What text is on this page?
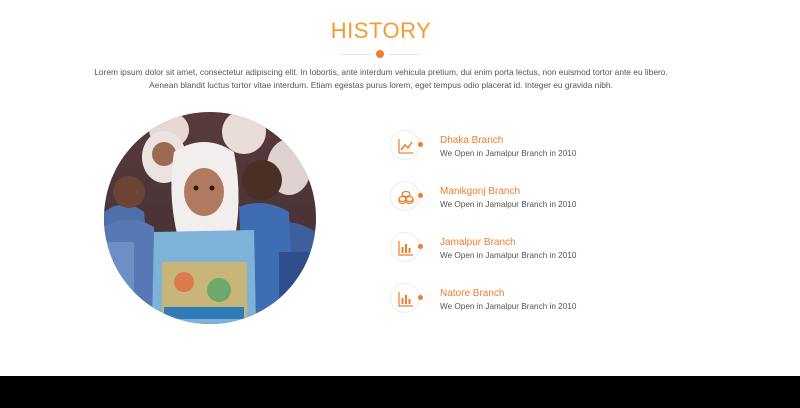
HISTORY

Lorem ipsum dolor sit amet, consectetur adipiscing elit. In lobortis, ante interdum vehicula pretium, dui enim porta lectus, non euismod tortor ante eu libero.

Aenean blandit luctus tortor vitae interdum. Etiam egestas purus lorem, eget tempus odio placerat id. Integer eu gravida nibh.

Dhaka Branch
We Open in Jamalpur Branch in 2010
Manikgonj Branch
We Open in Jamalpur Branch in 2010
Jamalpur Branch
We Open in Jamalpur Branch in 2010
Natore Branch
We Open in Jamalpur Branch in 2010
